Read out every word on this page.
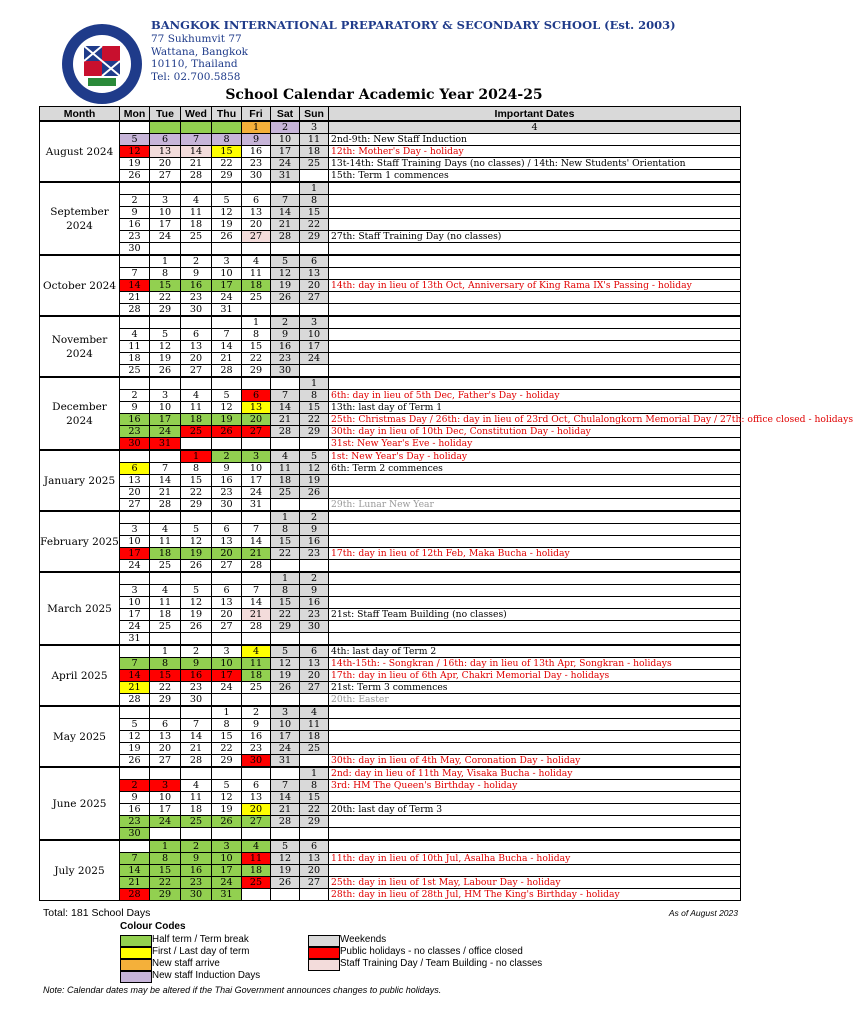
BANGKOK INTERNATIONAL PREPARATORY & SECONDARY SCHOOL (Est. 2003)
77 Sukhumvit 77
Wattana, Bangkok
10110, Thailand
Tel: 02.700.5858
School Calendar Academic Year 2024-25
Month	Mon	Tue	Wed	Thu	Fri	Sat	Sun	Important Dates	
August 2024					1	2	3	4	
	5	6	7	8	9	10	11	2nd-9th: New Staff Induction	
	12	13	14	15	16	17	18	12th: Mother's Day - holiday	
	19	20	21	22	23	24	25	13t-14th: Staff Training Days (no classes) / 14th: New Students' Orientation	
	26	27	28	29	30	31		15th: Term 1 commences	
September 2024							1		
	2	3	4	5	6	7	8		
	9	10	11	12	13	14	15		
	16	17	18	19	20	21	22		
	23	24	25	26	27	28	29	27th: Staff Training Day (no classes)	
	30								
October 2024		1	2	3	4	5	6		
	7	8	9	10	11	12	13		
	14	15	16	17	18	19	20	14th: day in lieu of 13th Oct, Anniversary of King Rama IX's Passing - holiday	
	21	22	23	24	25	26	27		
	28	29	30	31					
November 2024					1	2	3		
	4	5	6	7	8	9	10		
	11	12	13	14	15	16	17		
	18	19	20	21	22	23	24		
	25	26	27	28	29	30			
December 2024							1		
	2	3	4	5	6	7	8	6th: day in lieu of 5th Dec, Father's Day - holiday	
	9	10	11	12	13	14	15	13th: last day of Term 1	
	16	17	18	19	20	21	22	25th: Christmas Day / 26th: day in lieu of 23rd Oct, Chulalongkorn Memorial Day / 27th: office closed - holidays	
	23	24	25	26	27	28	29	30th: day in lieu of 10th Dec, Constitution Day - holiday	
	30	31						31st: New Year's Eve - holiday	
January 2025			1	2	3	4	5	1st: New Year's Day - holiday	
	6	7	8	9	10	11	12	6th: Term 2 commences	
	13	14	15	16	17	18	19		
	20	21	22	23	24	25	26		
	27	28	29	30	31			29th: Lunar New Year	
February 2025						1	2		
	3	4	5	6	7	8	9		
	10	11	12	13	14	15	16		
	17	18	19	20	21	22	23	17th: day in lieu of 12th Feb, Maka Bucha - holiday	
	24	25	26	27	28				
March 2025						1	2		
	3	4	5	6	7	8	9		
	10	11	12	13	14	15	16		
	17	18	19	20	21	22	23	21st: Staff Team Building (no classes)	
	24	25	26	27	28	29	30		
	31								
April 2025		1	2	3	4	5	6	4th: last day of Term 2	
	7	8	9	10	11	12	13	14th-15th: - Songkran / 16th: day in lieu of 13th Apr, Songkran - holidays	
	14	15	16	17	18	19	20	17th: day in lieu of 6th Apr, Chakri Memorial Day - holidays	
	21	22	23	24	25	26	27	21st: Term 3 commences	
	28	29	30					20th: Easter	
May 2025				1	2	3	4		
	5	6	7	8	9	10	11		
	12	13	14	15	16	17	18		
	19	20	21	22	23	24	25		
	26	27	28	29	30	31		30th: day in lieu of 4th May, Coronation Day - holiday	
June 2025							1	2nd: day in lieu of 11th May, Visaka Bucha - holiday	
	2	3	4	5	6	7	8	3rd: HM The Queen's Birthday - holiday	
	9	10	11	12	13	14	15		
	16	17	18	19	20	21	22	20th: last day of Term 3	
	23	24	25	26	27	28	29		
	30								
July 2025		1	2	3	4	5	6		
	7	8	9	10	11	12	13	11th: day in lieu of 10th Jul, Asalha Bucha - holiday	
	14	15	16	17	18	19	20		
	21	22	23	24	25	26	27	25th: day in lieu of 1st May, Labour Day - holiday	
	28	29	30	31				28th: day in lieu of 28th Jul, HM The King's Birthday - holiday	
Total: 181 School Days	As of August 2023
Colour Codes
Half term / Term break
First / Last day of term
New staff arrive
New staff Induction Days
Weekends
Public holidays - no classes / office closed
Staff Training Day / Team Building - no classes
Note: Calendar dates may be altered if the Thai Government announces changes to public holidays.
